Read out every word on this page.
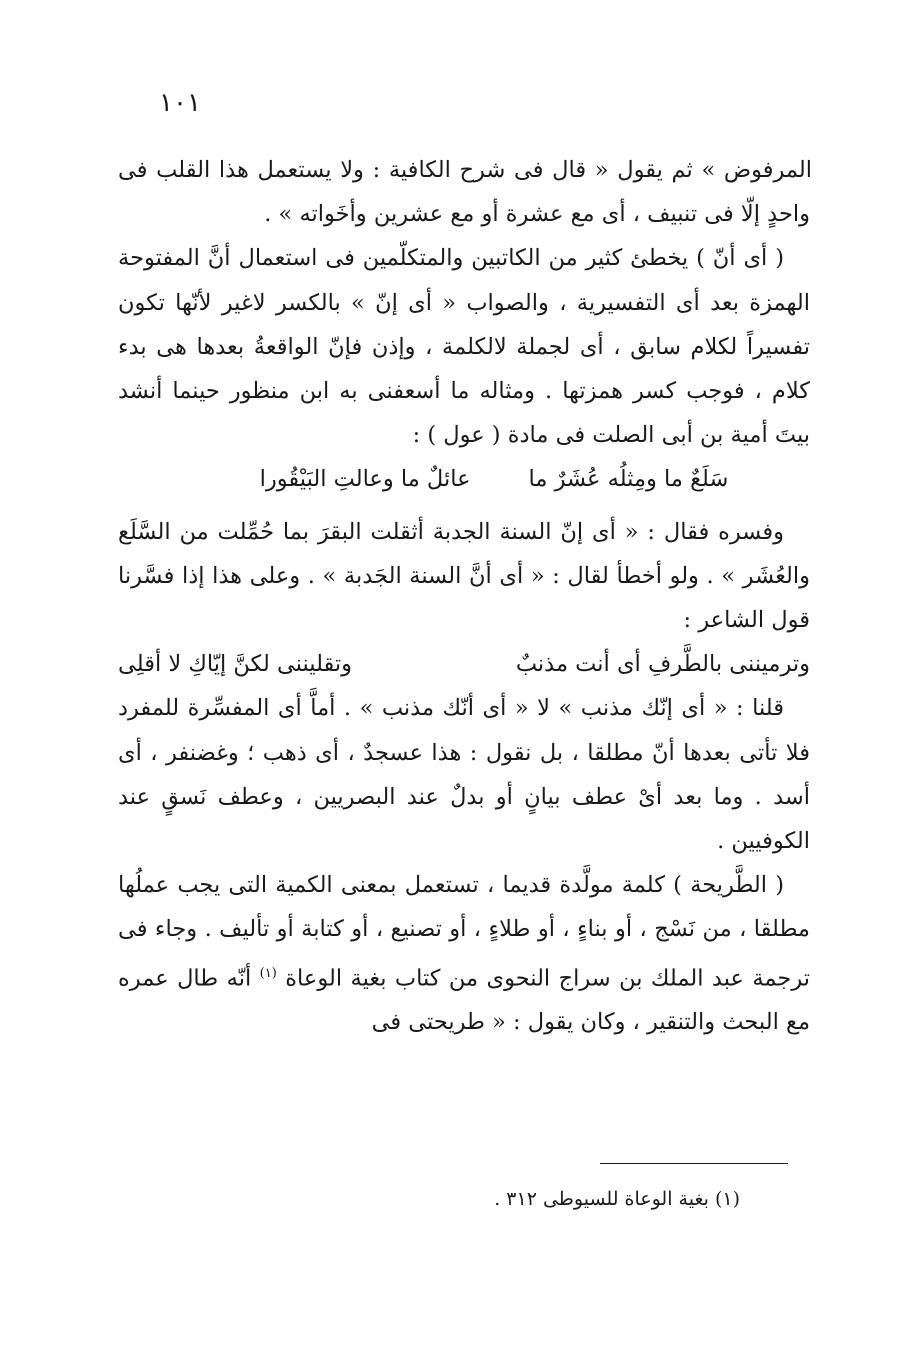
١٠١

المرفوض » ثم يقول « قال فى شرح الكافية : ولا يستعمل هذا القلب فى واحدٍ إلّا فى تنبيف ، أى مع عشرة أو مع عشرين وأخَواته » .

( أى أنّ ) يخطئ كثير من الكاتبين والمتكلّمين فى استعمال أنَّ المفتوحة الهمزة بعد أى التفسيرية ، والصواب « أى إنّ » بالكسر لاغير لأنّها تكون تفسيراً لكلام سابق ، أى لجملة لالكلمة ، وإذن فإنّ الواقعةُ بعدها هى بدء كلام ، فوجب كسر همزتها . ومثاله ما أسعفنى به ابن منظور حينما أنشد بيتَ أمية بن أبى الصلت فى مادة ( عول ) :

سَلَعٌ ما ومِثلُه عُشَرٌ ما
عائلٌ ما وعالتِ البَيْقُورا

وفسره فقال : « أى إنّ السنة الجدبة أثقلت البقرَ بما حُمِّلت من السَّلَع والعُشَر » . ولو أخطأ لقال : « أى أنَّ السنة الجَدبة » . وعلى هذا إذا فسَّرنا قول الشاعر :

وترميننى بالطَّرفِ أى أنت مذنبٌ
وتقليننى لكنَّ إيّاكِ لا أقلِى

قلنا : « أى إنّك مذنب » لا « أى أنّك مذنب » . أماَّ أى المفسِّرة للمفرد فلا تأتى بعدها أنّ مطلقا ، بل نقول : هذا عسجدٌ ، أى ذهب ؛ وغضنفر ، أى أسد . وما بعد أىْ عطف بيانٍ أو بدلٌ عند البصريين ، وعطف نَسقٍ عند الكوفيين .

( الطَّريحة ) كلمة مولَّدة قديما ، تستعمل بمعنى الكمية التى يجب عملُها مطلقا ، من نَسْج ، أو بناءٍ ، أو طلاءٍ ، أو تصنيع ، أو كتابة أو تأليف . وجاء فى ترجمة عبد الملك بن سراج النحوى من كتاب بغية الوعاة $^{(١)}$ أنّه طال عمره مع البحث والتنقير ، وكان يقول : « طريحتى فى

(١) بغية الوعاة للسيوطى ٣١٢ .
